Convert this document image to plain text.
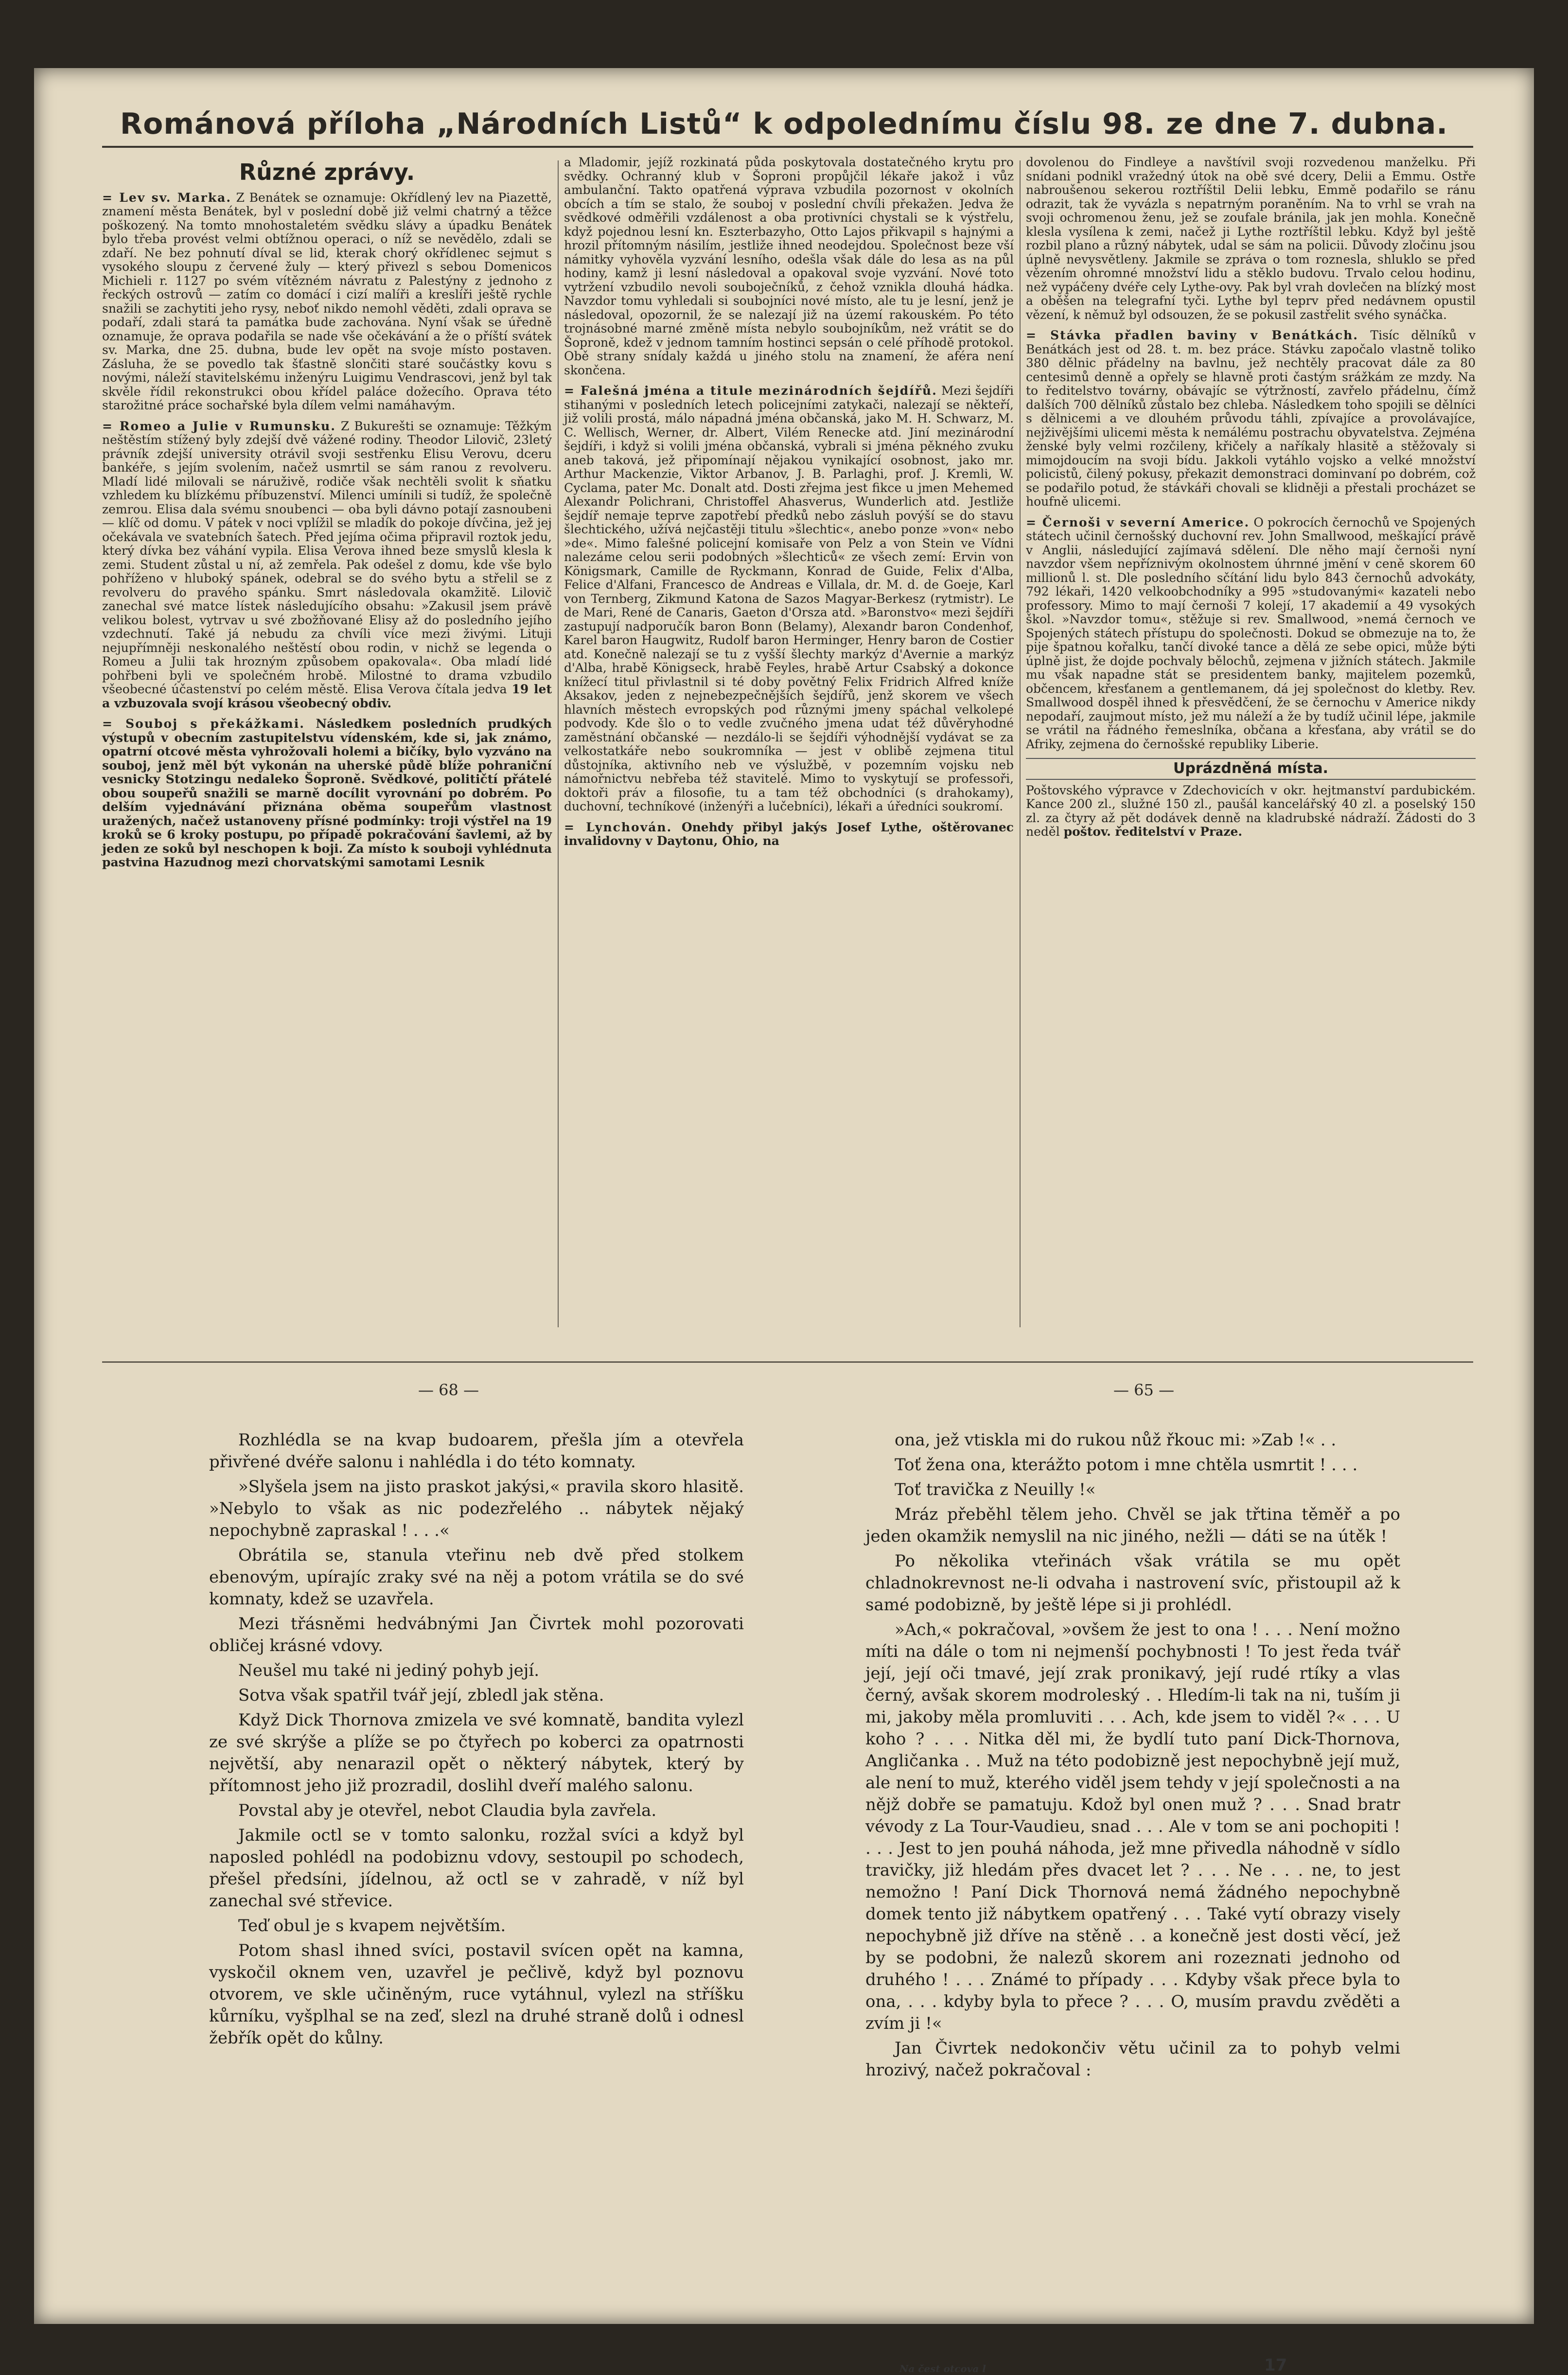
Románová příloha „Národních Listů“ k odpolednímu číslu 98. ze dne 7. dubna.
Různé zprávy.

= Lev sv. Marka. Z Benátek se oznamuje: Okřídlený lev na Piazettě, znamení města Benátek, byl v poslední době již velmi chatrný a těžce poškozený. Na tomto mnohostaletém svědku slávy a úpadku Benátek bylo třeba provést velmi obtížnou operaci, o níž se nevědělo, zdali se zdaří. Ne bez pohnutí díval se lid, kterak chorý okřídlenec sejmut s vysokého sloupu z červené žuly — který přivezl s sebou Domenicos Michieli r. 1127 po svém vítězném návratu z Palestýny z jednoho z řeckých ostrovů — zatím co domácí i cizí malíři a kreslíři ještě rychle snažili se zachytiti jeho rysy, neboť nikdo nemohl věděti, zdali oprava se podaří, zdali stará ta památka bude zachována. Nyní však se úředně oznamuje, že oprava podařila se nade vše očekávání a že o příští svátek sv. Marka, dne 25. dubna, bude lev opět na svoje místo postaven. Zásluha, že se povedlo tak šťastně slončiti staré součástky kovu s novými, náleží stavitelskému inženýru Luigimu Vendrascovi, jenž byl tak skvěle řídil rekonstrukci obou křídel paláce dožecího. Oprava této starožitné práce sochařské byla dílem velmi namáhavým.

= Romeo a Julie v Rumunsku. Z Bukurešti se oznamuje: Těžkým neštěstím stížený byly zdejší dvě vážené rodiny. Theodor Lilovič, 23letý právník zdejší university otrávil svoji sestřenku Elisu Verovu, dceru bankéře, s jejím svolením, načež usmrtil se sám ranou z revolveru. Mladí lidé milovali se náruživě, rodiče však nechtěli svolit k sňatku vzhledem ku blízkému příbuzenství. Milenci umínili si tudíž, že společně zemrou. Elisa dala svému snoubenci — oba byli dávno potají zasnoubeni — klíč od domu. V pátek v noci vplížil se mladík do pokoje dívčina, jež jej očekávala ve svatebních šatech. Před jejíma očima připravil roztok jedu, který dívka bez váhání vypila. Elisa Verova ihned beze smyslů klesla k zemi. Student zůstal u ní, až zemřela. Pak odešel z domu, kde vše bylo pohříženo v hluboký spánek, odebral se do svého bytu a střelil se z revolveru do pravého spánku. Smrt následovala okamžitě. Lilovič zanechal své matce lístek následujícího obsahu: »Zakusil jsem právě velikou bolest, vytrvav u své zbožňované Elisy až do posledního jejího vzdechnutí. Také já nebudu za chvíli více mezi živými. Lituji nejupřímněji neskonalého neštěstí obou rodin, v nichž se legenda o Romeu a Julii tak hrozným způsobem opakovala«. Oba mladí lidé pohřbeni byli ve společném hrobě. Milostné to drama vzbudilo všeobecné účastenství po celém městě. Elisa Verova čítala jedva 19 let a vzbuzovala svojí krásou všeobecný obdiv.

= Souboj s překážkami. Následkem posledních prudkých výstupů v obecním zastupitelstvu vídenském, kde si, jak známo, opatrní otcové města vyhrožovali holemi a bičíky, bylo vyzváno na souboj, jenž měl být vykonán na uherské půdě blíže pohraniční vesnicky Stotzingu nedaleko Šoproně. Svědkové, političtí přátelé obou soupeřů snažili se marně docílit vyrovnání po dobrém. Po delším vyjednávání přiznána oběma soupeřům vlastnost uražených, načež ustanoveny přísné podmínky: troji výstřel na 19 kroků se 6 kroky postupu, po případě pokračování šavlemi, až by jeden ze soků byl neschopen k boji. Za místo k souboji vyhlédnuta pastvina Hazudnog mezi chorvatskými samotami Lesnik

a Mladomir, jejíž rozkinatá půda poskytovala dostatečného krytu pro svědky. Ochranný klub v Šoproni propůjčil lékaře jakož i vůz ambulanční. Takto opatřená výprava vzbudila pozornost v okolních obcích a tím se stalo, že souboj v poslední chvíli překažen. Jedva že svědkové odměřili vzdálenost a oba protivníci chystali se k výstřelu, když pojednou lesní kn. Eszterbazyho, Otto Lajos přikvapil s hajnými a hrozil přítomným násilím, jestliže ihned neodejdou. Společnost beze vší námitky vyhověla vyzvání lesního, odešla však dále do lesa as na půl hodiny, kamž ji lesní následoval a opakoval svoje vyzvání. Nové toto vytržení vzbudilo nevoli souboječníků, z čehož vznikla dlouhá hádka. Navzdor tomu vyhledali si soubojníci nové místo, ale tu je lesní, jenž je následoval, opozornil, že se nalezají již na území rakouském. Po této trojnásobné marné změně místa nebylo soubojníkům, než vrátit se do Šoproně, kdež v jednom tamním hostinci sepsán o celé příhodě protokol. Obě strany snídaly každá u jiného stolu na znamení, že aféra není skončena.

= Falešná jména a titule mezinárodních šejdířů. Mezi šejdíři stihanými v posledních letech policejními zatykači, nalezají se někteří, již volili prostá, málo nápadná jména občanská, jako M. H. Schwarz, M. C. Wellisch, Werner, dr. Albert, Vilém Renecke atd. Jiní mezinárodní šejdíři, i když si volili jména občanská, vybrali si jména pěkného zvuku aneb taková, jež připomínají nějakou vynikající osobnost, jako mr. Arthur Mackenzie, Viktor Arbanov, J. B. Parlaghi, prof. J. Kremli, W. Cyclama, pater Mc. Donalt atd. Dosti zřejma jest fikce u jmen Mehemed Alexandr Polichrani, Christoffel Ahasverus, Wunderlich atd. Jestliže šejdíř nemaje teprve zapotřebí předků nebo zásluh povýší se do stavu šlechtického, užívá nejčastěji titulu »šlechtic«, anebo ponze »von« nebo »de«. Mimo falešné policejní komisaře von Pelz a von Stein ve Vídni nalezáme celou serii podobných »šlechticů« ze všech zemí: Ervin von Königsmark, Camille de Ryckmann, Konrad de Guide, Felix d'Alba, Felice d'Alfani, Francesco de Andreas e Villala, dr. M. d. de Goeje, Karl von Ternberg, Zikmund Katona de Sazos Magyar-Berkesz (rytmistr). Le de Mari, René de Canaris, Gaeton d'Orsza atd. »Baronstvo« mezi šejdíři zastupují nadporučík baron Bonn (Belamy), Alexandr baron Condenhof, Karel baron Haugwitz, Rudolf baron Herminger, Henry baron de Costier atd. Konečně nalezají se tu z vyšší šlechty markýz d'Avernie a markýz d'Alba, hrabě Königseck, hrabě Feyles, hrabě Artur Csabský a dokonce knížecí titul přivlastnil si té doby povětný Felix Fridrich Alfred kníže Aksakov, jeden z nejnebezpečnějších šejdířů, jenž skorem ve všech hlavních městech evropských pod různými jmeny spáchal velkolepé podvody. Kde šlo o to vedle zvučného jmena udat též důvěryhodné zaměstnání občanské — nezdálo-li se šejdíři výhodnější vydávat se za velkostatkáře nebo soukromníka — jest v oblibě zejmena titul důstojníka, aktivního neb ve výslužbě, v pozemním vojsku neb námořnictvu nebřeba též stavitelé. Mimo to vyskytují se professoři, doktoři práv a filosofie, tu a tam též obchodníci (s drahokamy), duchovní, techníkové (inženýři a lučebníci), lékaři a úředníci soukromí.

= Lynchován. Onehdy přibyl jakýs Josef Lythe, oštěrovanec invalidovny v Daytonu, Ohio, na

dovolenou do Findleye a navštívil svoji rozvedenou manželku. Při snídani podnikl vražedný útok na obě své dcery, Delii a Emmu. Ostře nabroušenou sekerou roztříštil Delii lebku, Emmě podařilo se ránu odrazit, tak že vyvázla s nepatrným poraněním. Na to vrhl se vrah na svoji ochromenou ženu, jež se zoufale bránila, jak jen mohla. Konečně klesla vysílena k zemi, načež ji Lythe roztříštil lebku. Když byl ještě rozbil plano a různý nábytek, udal se sám na policii. Důvody zločinu jsou úplně nevysvětleny. Jakmile se zpráva o tom roznesla, shluklo se před vězením ohromné množství lidu a stěklo budovu. Trvalo celou hodinu, než vypáčeny dvéře cely Lythe-ovy. Pak byl vrah dovlečen na blízký most a oběšen na telegrafní tyči. Lythe byl teprv před nedávnem opustil vězení, k němuž byl odsouzen, že se pokusil zastřelit svého synáčka.

= Stávka přadlen baviny v Benátkách. Tisíc dělníků v Benátkách jest od 28. t. m. bez práce. Stávku započalo vlastně toliko 380 dělnic přádelny na bavlnu, jež nechtěly pracovat dále za 80 centesimů denně a opřely se hlavně proti častým srážkám ze mzdy. Na to ředitelstvo továrny, obávajíc se výtržností, zavřelo přádelnu, čímž dalších 700 dělníků zůstalo bez chleba. Následkem toho spojili se dělníci s dělnicemi a ve dlouhém průvodu táhli, zpívajíce a provolávajíce, nejživějšími ulicemi města k nemálému postrachu obyvatelstva. Zejména ženské byly velmi rozčileny, křičely a naříkaly hlasitě a stěžovaly si mimojdoucím na svoji bídu. Jakkoli vytáhlo vojsko a velké množství policistů, čilený pokusy, překazit demonstraci dominvaní po dobrém, což se podařilo potud, že stávkáři chovali se klidněji a přestali procházet se houfně ulicemi.

= Černoši v severní Americe. O pokrocích černochů ve Spojených státech učinil černošský duchovní rev. John Smallwood, meškající právě v Anglii, následující zajímavá sdělení. Dle něho mají černoši nyní navzdor všem nepříznivým okolnostem úhrnné jmění v ceně skorem 60 millionů l. st. Dle posledního sčítání lidu bylo 843 černochů advokáty, 792 lékaři, 1420 velkoobchodníky a 995 »studovanými« kazateli nebo professory. Mimo to mají černoši 7 kolejí, 17 akademií a 49 vysokých škol. »Navzdor tomu«, stěžuje si rev. Smallwood, »nemá černoch ve Spojených státech přístupu do společnosti. Dokud se obmezuje na to, že pije špatnou kořalku, tančí divoké tance a dělá ze sebe opici, může býti úplně jist, že dojde pochvaly bělochů, zejmena v jižních státech. Jakmile mu však napadne stát se presidentem banky, majitelem pozemků, občencem, křesťanem a gentlemanem, dá jej společnost do kletby. Rev. Smallwood dospěl ihned k přesvědčení, že se černochu v Americe nikdy nepodaří, zaujmout místo, jež mu náleží a že by tudíž učinil lépe, jakmile se vrátil na řádného řemeslníka, občana a křesťana, aby vrátil se do Afriky, zejmena do černošské republiky Liberie.

Uprázdněná místa.

Poštovského výpravce v Zdechovicích v okr. hejtmanství pardubickém. Kance 200 zl., služné 150 zl., paušál kancelářský 40 zl. a poselský 150 zl. za čtyry až pět dodávek denně na kladrubské nádraží. Žádosti do 3 neděl poštov. ředitelství v Praze.

— 68 —	— 65 —

Rozhlédla se na kvap budoarem, přešla jím a otevřela přivřené dvéře salonu i nahlédla i do této komnaty.

»Slyšela jsem na jisto praskot jakýsi,« pravila skoro hlasitě. »Nebylo to však as nic podezřelého .. nábytek nějaký nepochybně zapraskal ! . . .«

Obrátila se, stanula vteřinu neb dvě před stolkem ebenovým, upírajíc zraky své na něj a potom vrátila se do své komnaty, kdež se uzavřela.

Mezi třásněmi hedvábnými Jan Čivrtek mohl pozorovati obličej krásné vdovy.

Neušel mu také ni jediný pohyb její.

Sotva však spatřil tvář její, zbledl jak stěna.

Když Dick Thornova zmizela ve své komnatě, bandita vylezl ze své skrýše a plíže se po čtyřech po koberci za opatrnosti největší, aby nenarazil opět o některý nábytek, který by přítomnost jeho již prozradil, doslihl dveří malého salonu.

Povstal aby je otevřel, nebot Claudia byla zavřela.

Jakmile octl se v tomto salonku, rozžal svíci a když byl naposled pohlédl na podobiznu vdovy, sestoupil po schodech, přešel předsíni, jídelnou, až octl se v zahradě, v níž byl zanechal své střevice.

Teď obul je s kvapem největším.

Potom shasl ihned svíci, postavil svícen opět na kamna, vyskočil oknem ven, uzavřel je pečlivě, když byl poznovu otvorem, ve skle učiněným, ruce vytáhnul, vylezl na stříšku kůrníku, vyšplhal se na zeď, slezl na druhé straně dolů i odnesl žebřík opět do kůlny.

ona, jež vtiskla mi do rukou nůž řkouc mi: »Zab !« . .

Toť žena ona, kterážto potom i mne chtěla usmrtit ! . . .

Toť travička z Neuilly !«

Mráz přeběhl tělem jeho. Chvěl se jak třtina těměř a po jeden okamžik nemyslil na nic jiného, nežli — dáti se na útěk !

Po několika vteřinách však vrátila se mu opět chladnokrevnost ne-li odvaha i nastrovení svíc, přistoupil až k samé podobizně, by ještě lépe si ji prohlédl.

»Ach,« pokračoval, »ovšem že jest to ona ! . . . Není možno míti na dále o tom ni nejmenší pochybnosti ! To jest ředa tvář její, její oči tmavé, její zrak pronikavý, její rudé rtíky a vlas černý, avšak skorem modroleský . . Hledím-li tak na ni, tuším ji mi, jakoby měla promluviti . . . Ach, kde jsem to viděl ?« . . . U koho ? . . . Nitka děl mi, že bydlí tuto paní Dick-Thornova, Angličanka . . Muž na této podobizně jest nepochybně její muž, ale není to muž, kterého viděl jsem tehdy v její společnosti a na nějž dobře se pamatuju. Kdož byl onen muž ? . . . Snad bratr vévody z La Tour-Vaudieu, snad . . . Ale v tom se ani pochopiti ! . . . Jest to jen pouhá náhoda, jež mne přivedla náhodně v sídlo travičky, již hledám přes dvacet let ? . . . Ne . . . ne, to jest nemožno ! Paní Dick Thornová nemá žádného nepochybně domek tento již nábytkem opatřený . . . Také vytí obrazy visely nepochybně již dříve na stěně . . a konečně jest dosti věcí, jež by se podobni, že nalezů skorem ani rozeznati jednoho od druhého ! . . . Známé to případy . . . Kdyby však přece byla to ona, . . . kdyby byla to přece ? . . . O, musím pravdu zvěděti a zvím ji !«

Jan Čivrtek nedokončiv větu učinil za to pohyb velmi hrozivý, načež pokračoval :

Na čest otcova l	17
